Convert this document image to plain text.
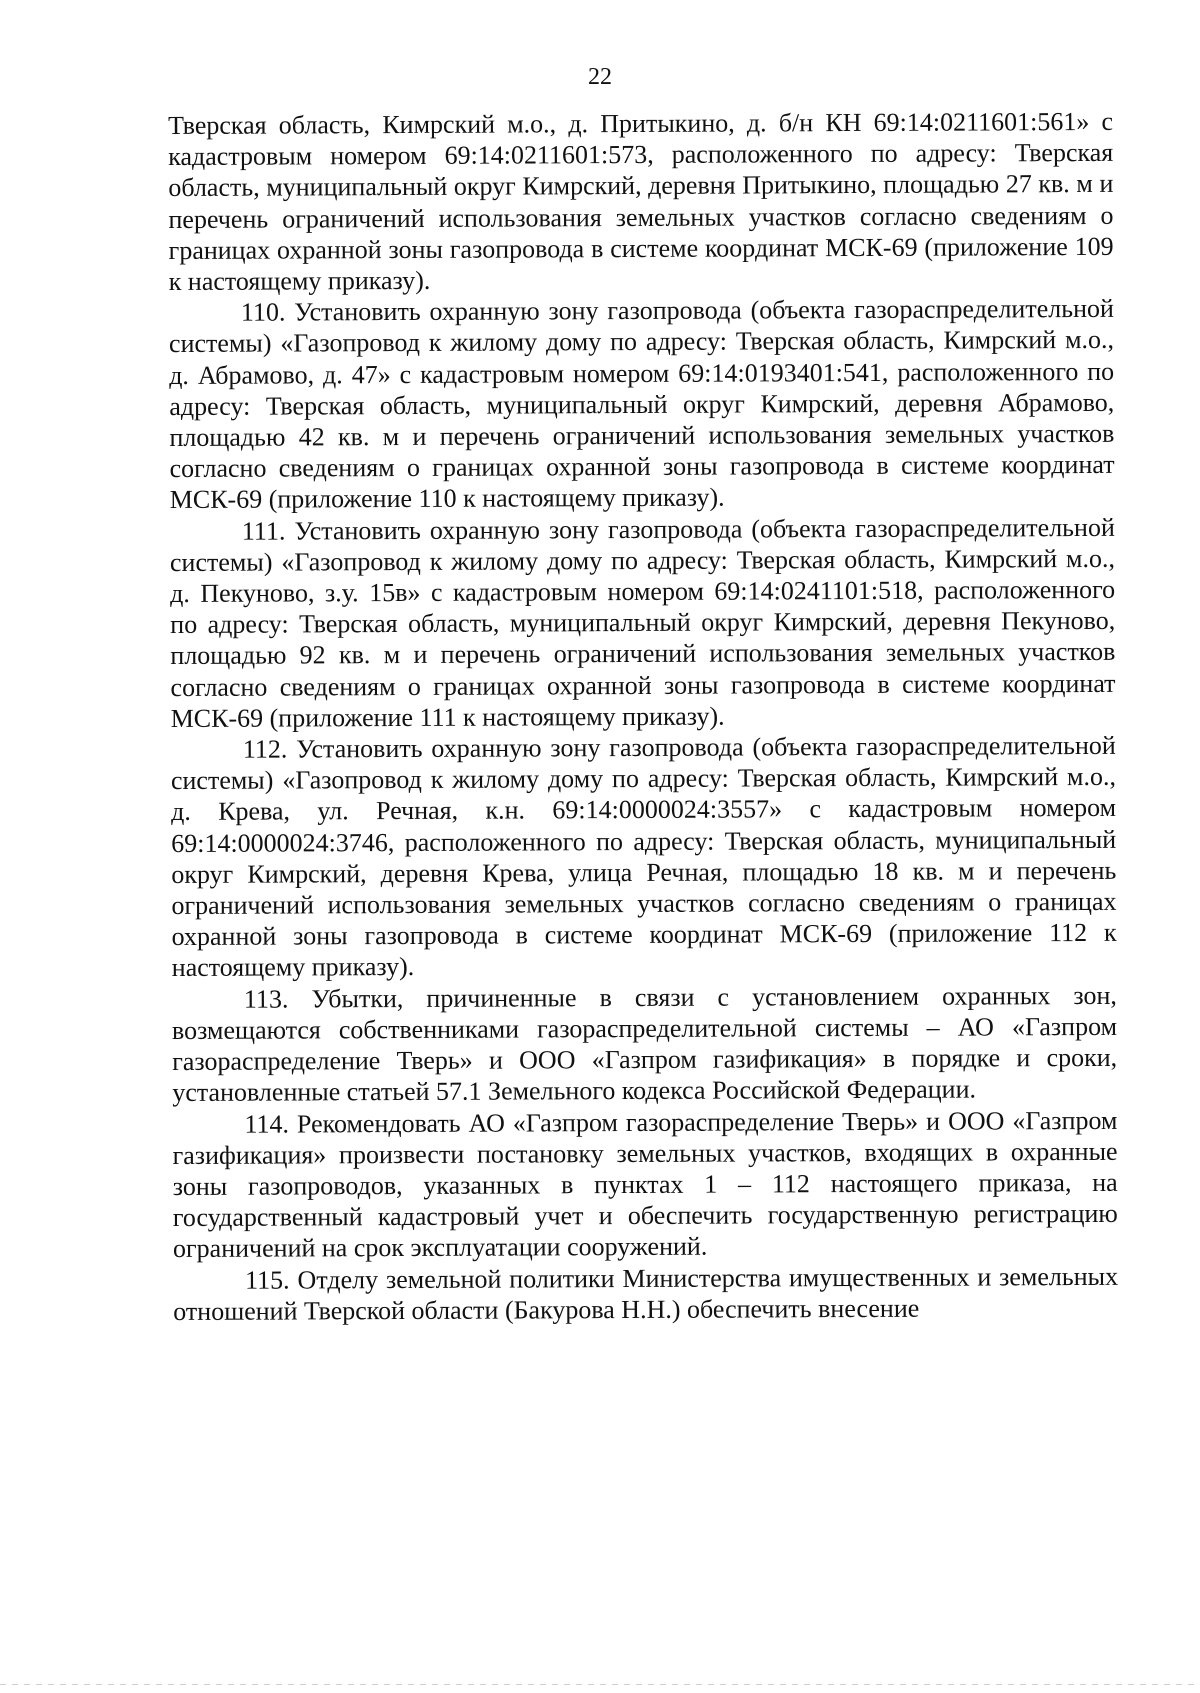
22

Тверская область, Кимрский м.о., д. Притыкино, д. б/н КН 69:14:0211601:561» с кадастровым номером 69:14:0211601:573, расположенного по адресу: Тверская область, муниципальный округ Кимрский, деревня Притыкино, площадью 27 кв. м и перечень ограничений использования земельных участков согласно сведениям о границах охранной зоны газопровода в системе координат МСК-69 (приложение 109 к настоящему приказу).

110. Установить охранную зону газопровода (объекта газораспределительной системы) «Газопровод к жилому дому по адресу: Тверская область, Кимрский м.о., д. Абрамово, д. 47» с кадастровым номером 69:14:0193401:541, расположенного по адресу: Тверская область, муниципальный округ Кимрский, деревня Абрамово, площадью 42 кв. м и перечень ограничений использования земельных участков согласно сведениям о границах охранной зоны газопровода в системе координат МСК-69 (приложение 110 к настоящему приказу).

111. Установить охранную зону газопровода (объекта газораспределительной системы) «Газопровод к жилому дому по адресу: Тверская область, Кимрский м.о., д. Пекуново, з.у. 15в» с кадастровым номером 69:14:0241101:518, расположенного по адресу: Тверская область, муниципальный округ Кимрский, деревня Пекуново, площадью 92 кв. м и перечень ограничений использования земельных участков согласно сведениям о границах охранной зоны газопровода в системе координат МСК-69 (приложение 111 к настоящему приказу).

112. Установить охранную зону газопровода (объекта газораспределительной системы) «Газопровод к жилому дому по адресу: Тверская область, Кимрский м.о., д. Крева, ул. Речная, к.н. 69:14:0000024:3557» с кадастровым номером 69:14:0000024:3746, расположенного по адресу: Тверская область, муниципальный округ Кимрский, деревня Крева, улица Речная, площадью 18 кв. м и перечень ограничений использования земельных участков согласно сведениям о границах охранной зоны газопровода в системе координат МСК-69 (приложение 112 к настоящему приказу).

113. Убытки, причиненные в связи с установлением охранных зон, возмещаются собственниками газораспределительной системы – АО «Газпром газораспределение Тверь» и ООО «Газпром газификация» в порядке и сроки, установленные статьей 57.1 Земельного кодекса Российской Федерации.

114. Рекомендовать АО «Газпром газораспределение Тверь» и ООО «Газпром газификация» произвести постановку земельных участков, входящих в охранные зоны газопроводов, указанных в пунктах 1 – 112 настоящего приказа, на государственный кадастровый учет и обеспечить государственную регистрацию ограничений на срок эксплуатации сооружений.

115. Отделу земельной политики Министерства имущественных и земельных отношений Тверской области (Бакурова Н.Н.) обеспечить внесение
